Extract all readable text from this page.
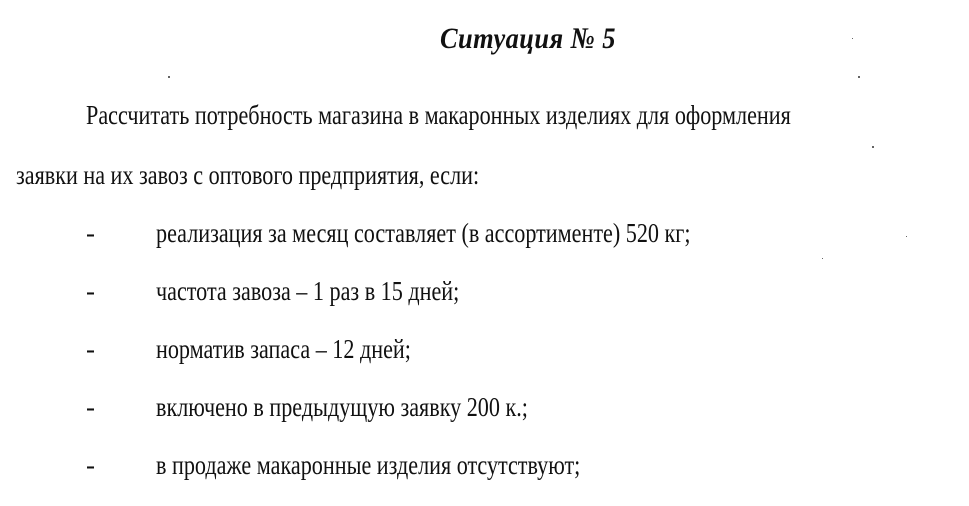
Ситуация № 5
Рассчитать потребность магазина в макаронных изделиях для оформления
заявки на их завоз с оптового предприятия, если:
- реализация за месяц составляет (в ассортименте) 520 кг;
- частота завоза – 1 раз в 15 дней;
- норматив запаса – 12 дней;
- включено в предыдущую заявку 200 к.;
- в продаже макаронные изделия отсутствуют;
